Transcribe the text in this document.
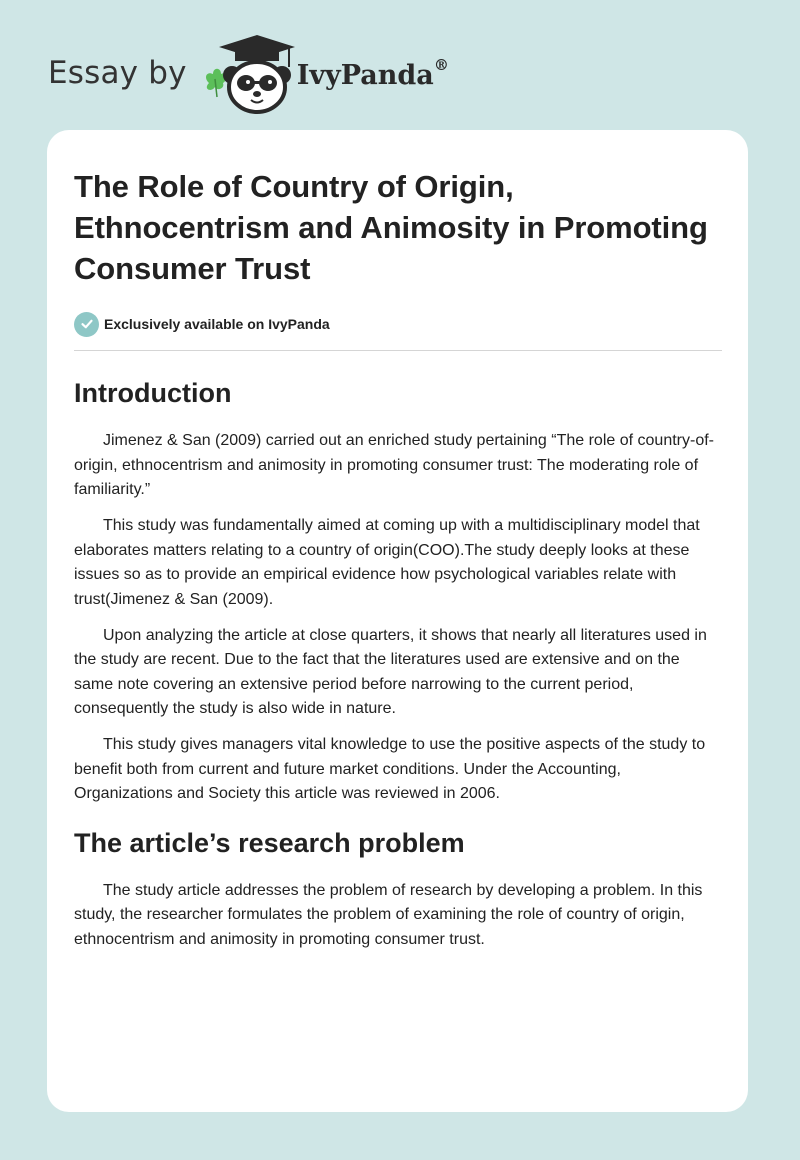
Essay by	IvyPanda®
The Role of Country of Origin, Ethnocentrism and Animosity in Promoting Consumer Trust
Exclusively available on IvyPanda
Introduction

Jimenez & San (2009) carried out an enriched study pertaining “The role of country-of- origin, ethnocentrism and animosity in promoting consumer trust: The moderating role of familiarity.”

This study was fundamentally aimed at coming up with a multidisciplinary model that elaborates matters relating to a country of origin(COO).The study deeply looks at these issues so as to provide an empirical evidence how psychological variables relate with trust(Jimenez & San (2009).

Upon analyzing the article at close quarters, it shows that nearly all literatures used in the study are recent. Due to the fact that the literatures used are extensive and on the same note covering an extensive period before narrowing to the current period, consequently the study is also wide in nature.

This study gives managers vital knowledge to use the positive aspects of the study to benefit both from current and future market conditions. Under the Accounting, Organizations and Society this article was reviewed in 2006.

The article’s research problem

The study article addresses the problem of research by developing a problem. In this study, the researcher formulates the problem of examining the role of country of origin, ethnocentrism and animosity in promoting consumer trust.
